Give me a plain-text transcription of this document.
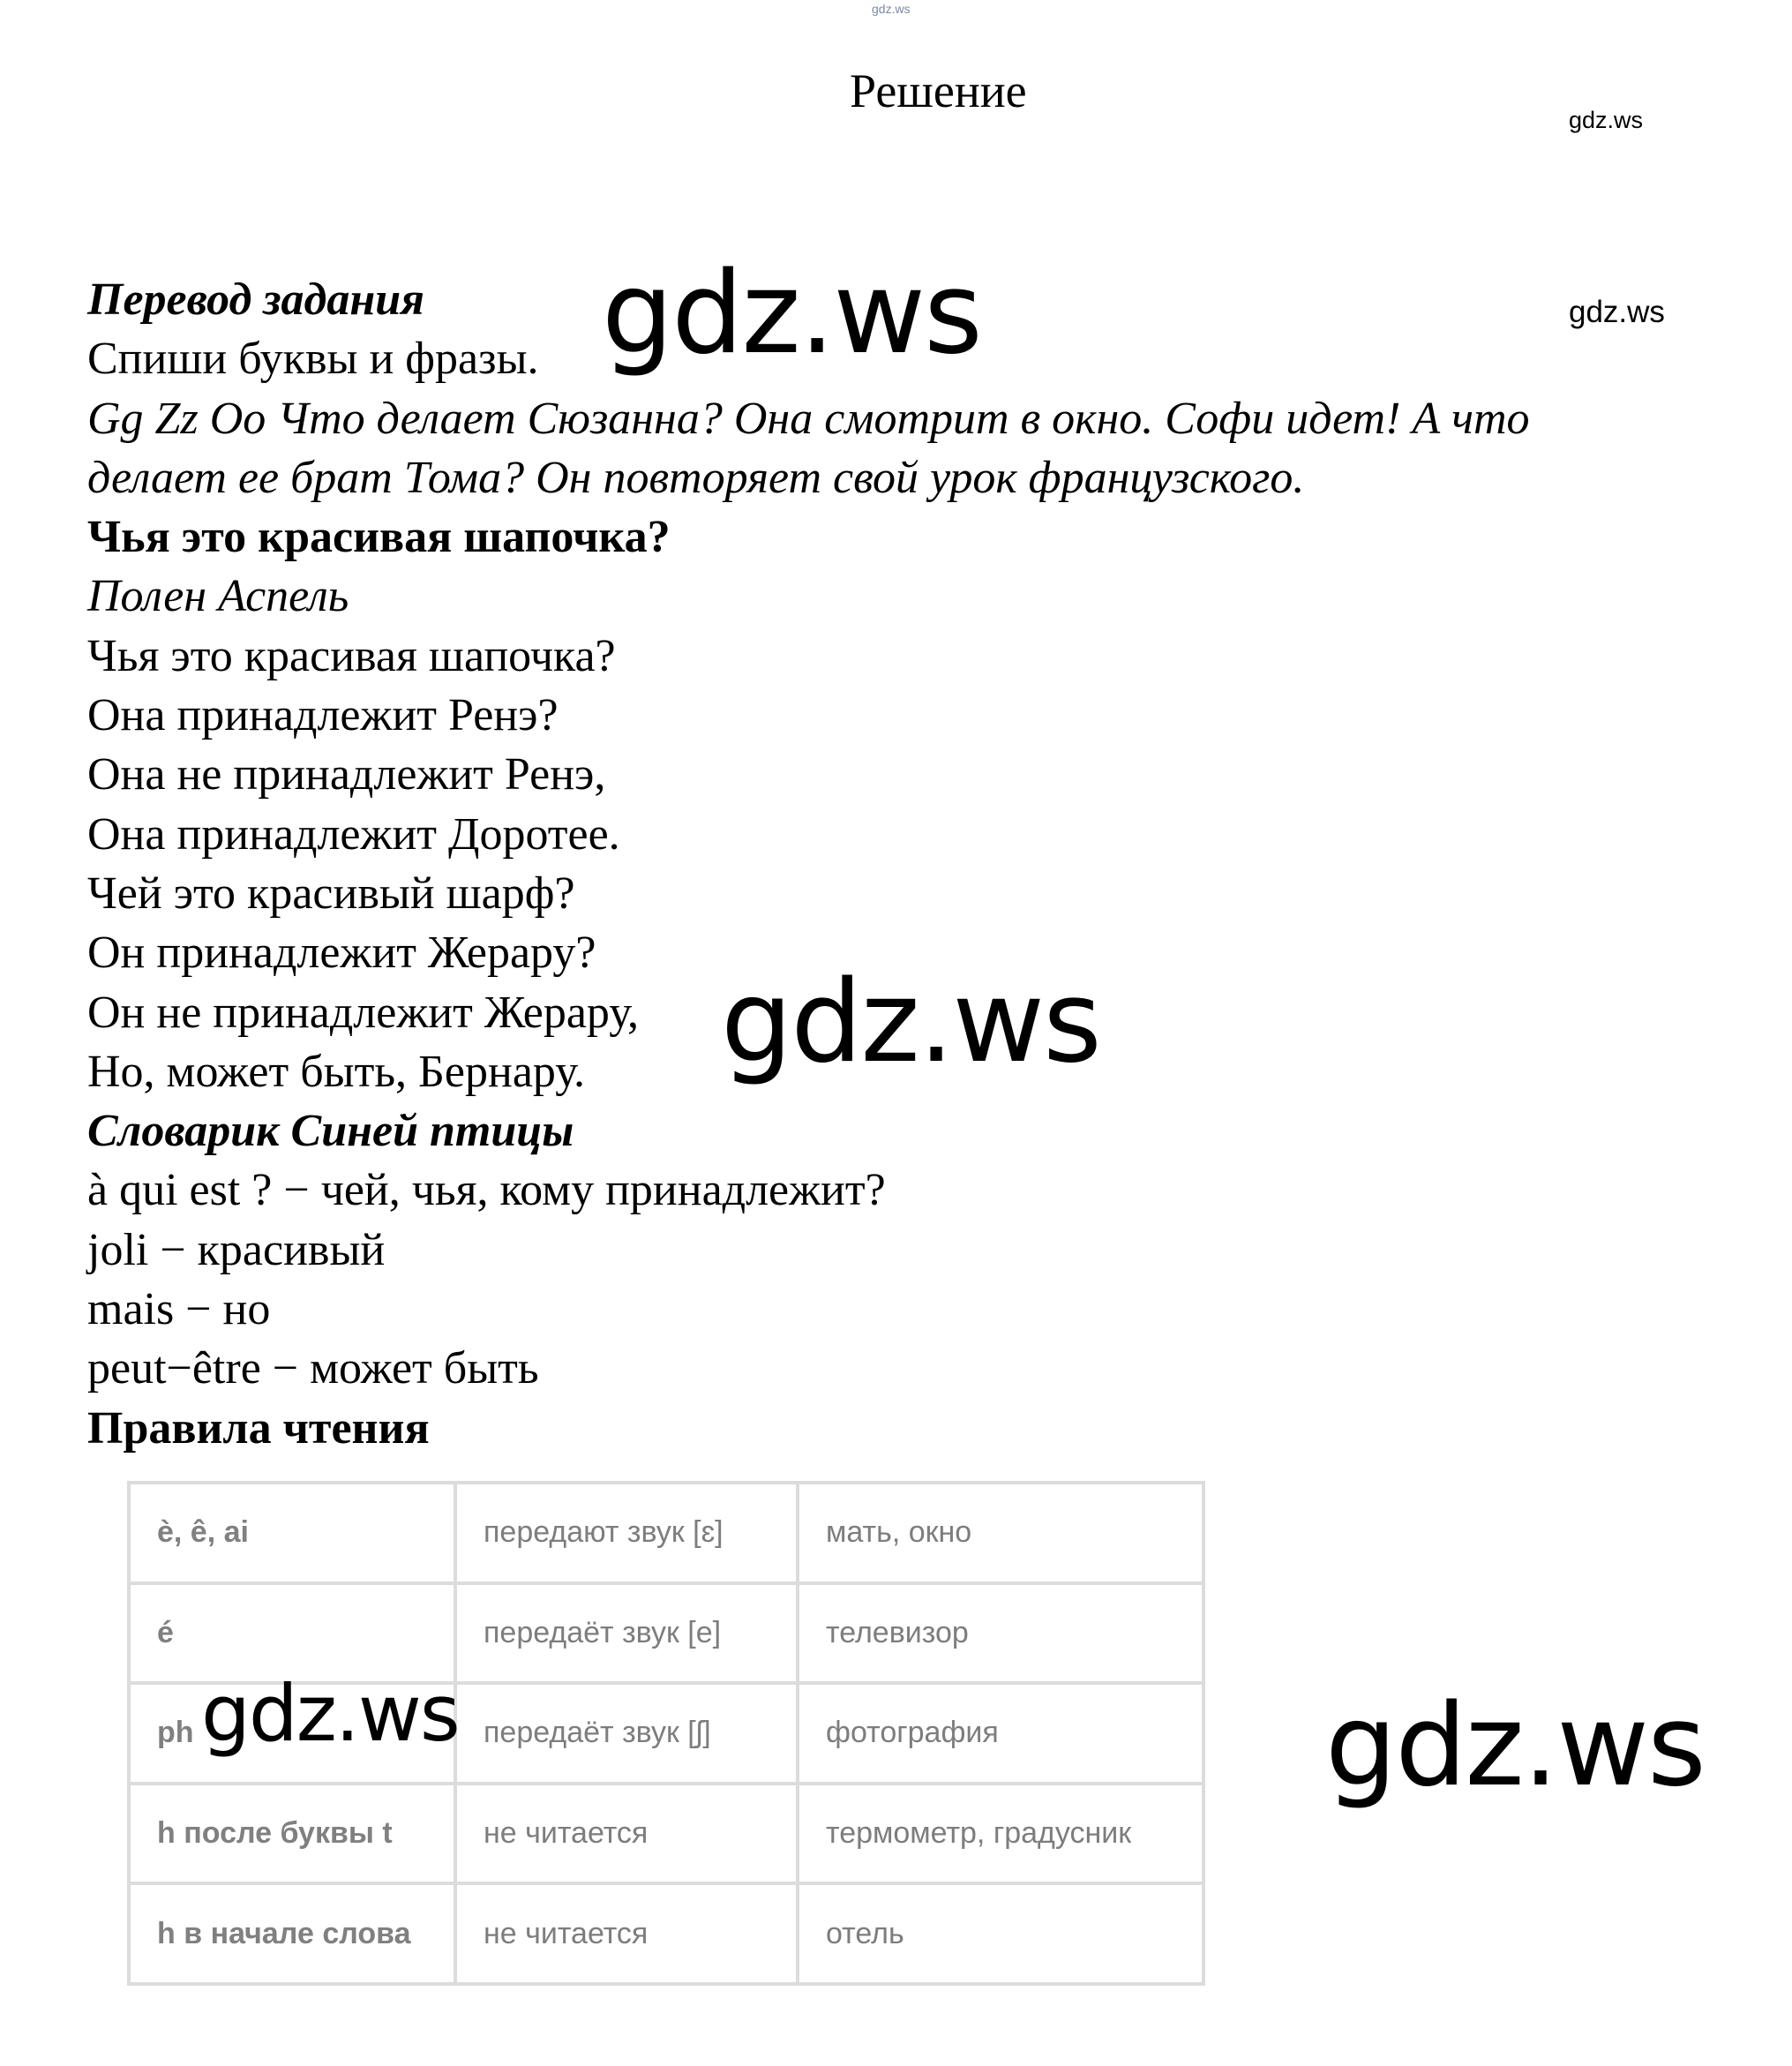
gdz.ws
Решение
gdz.ws
gdz.ws
Перевод задания
Спиши буквы и фразы.
Gg Zz Oo Что делает Сюзанна? Она смотрит в окно. Софи идет! А что
делает ее брат Тома? Он повторяет свой урок французского.
Чья это красивая шапочка?
Полен Аспель
Чья это красивая шапочка?
Она принадлежит Ренэ?
Она не принадлежит Ренэ,
Она принадлежит Доротее.
Чей это красивый шарф?
Он принадлежит Жерару?
Он не принадлежит Жерару,
Но, может быть, Бернару.
Словарик Синей птицы
à qui est ? − чей, чья, кому принадлежит?
joli − красивый
mais − но
peut−être − может быть
Правила чтения
è, ê, ai	передают звук [ɛ]	мать, окно
é	передаёт звук [e]	телевизор
ph	передаёт звук [ʃ]	фотография
h после буквы t	не читается	термометр, градусник
h в начале слова	не читается	отель
gdz.ws
gdz.ws
gdz.ws	gdz.ws
